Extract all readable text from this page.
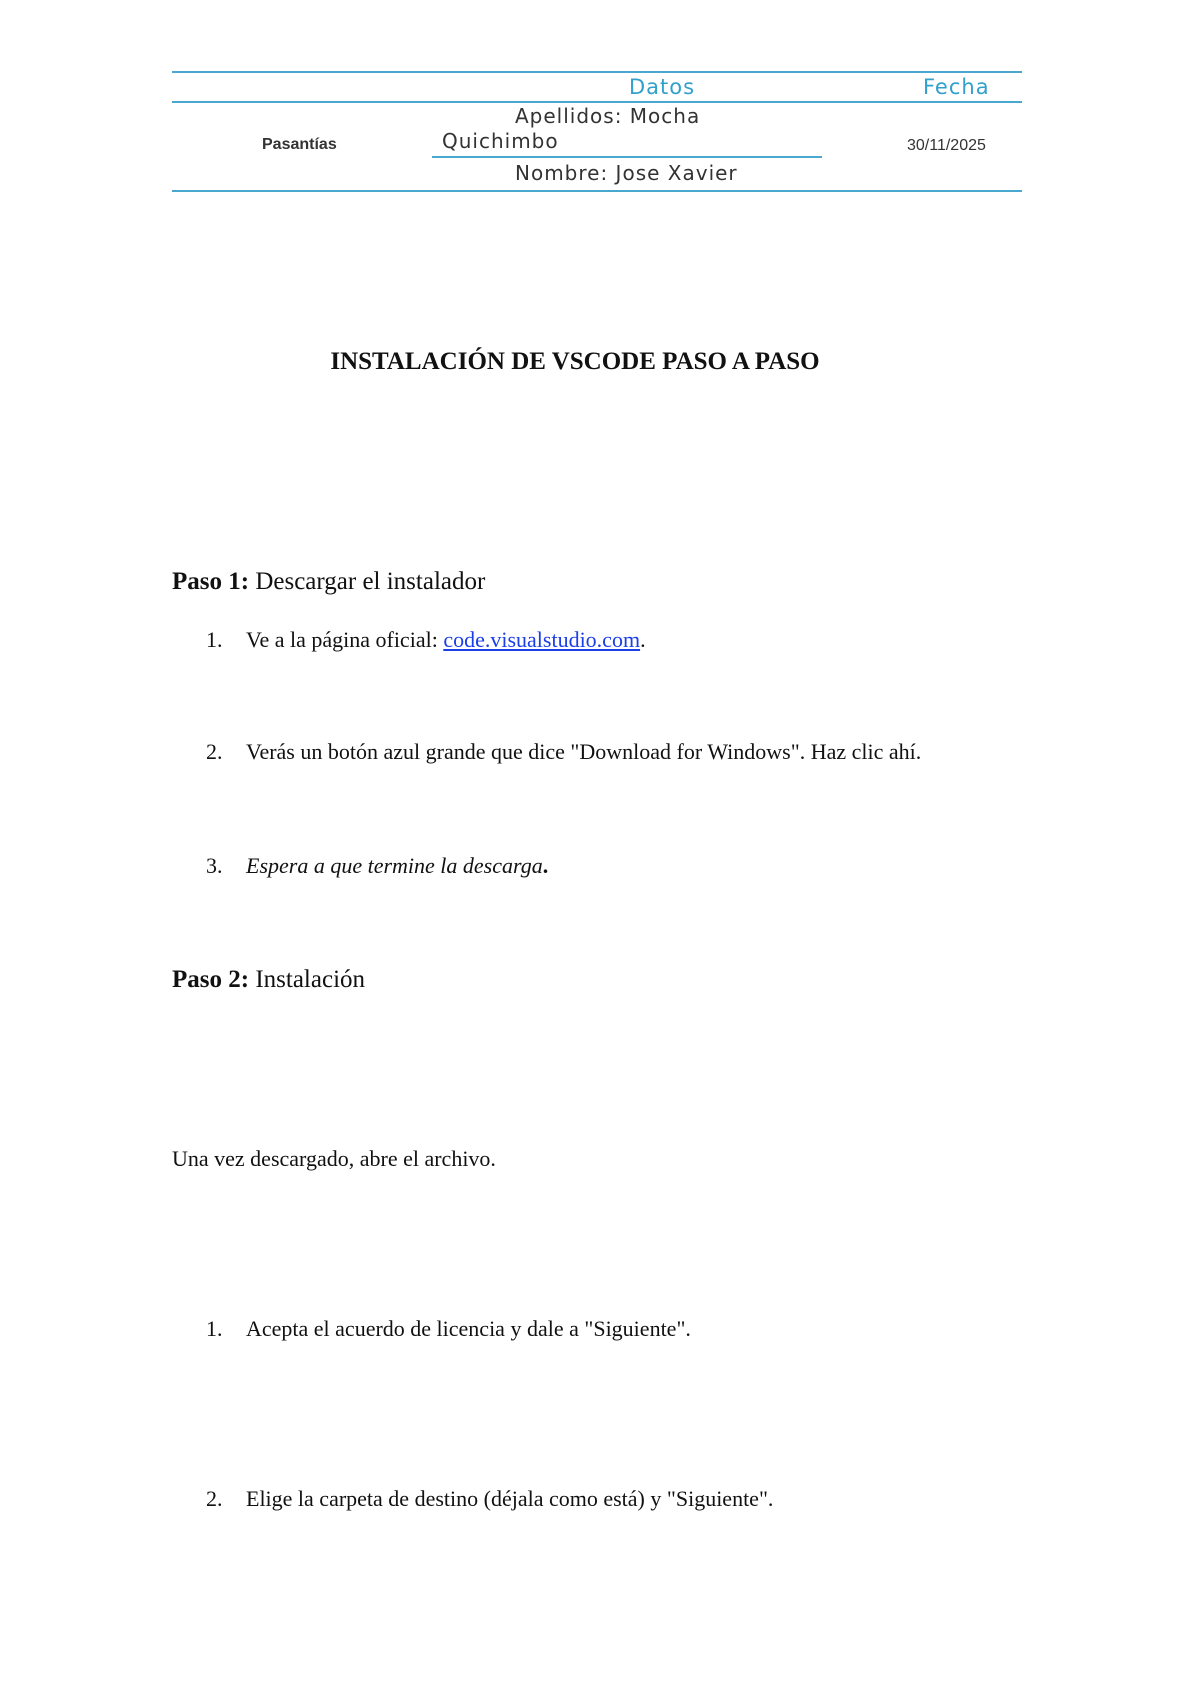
Datos	Fecha
Pasantías
Apellidos: Mocha
Quichimbo
Nombre: Jose Xavier
30/11/2025
INSTALACIÓN DE VSCODE PASO A PASO
Paso 1: Descargar el instalador
1. Ve a la página oficial: code.visualstudio.com.
2. Verás un botón azul grande que dice "Download for Windows". Haz clic ahí.
3. Espera a que termine la descarga.
Paso 2: Instalación
Una vez descargado, abre el archivo.
1. Acepta el acuerdo de licencia y dale a "Siguiente".
2. Elige la carpeta de destino (déjala como está) y "Siguiente".
